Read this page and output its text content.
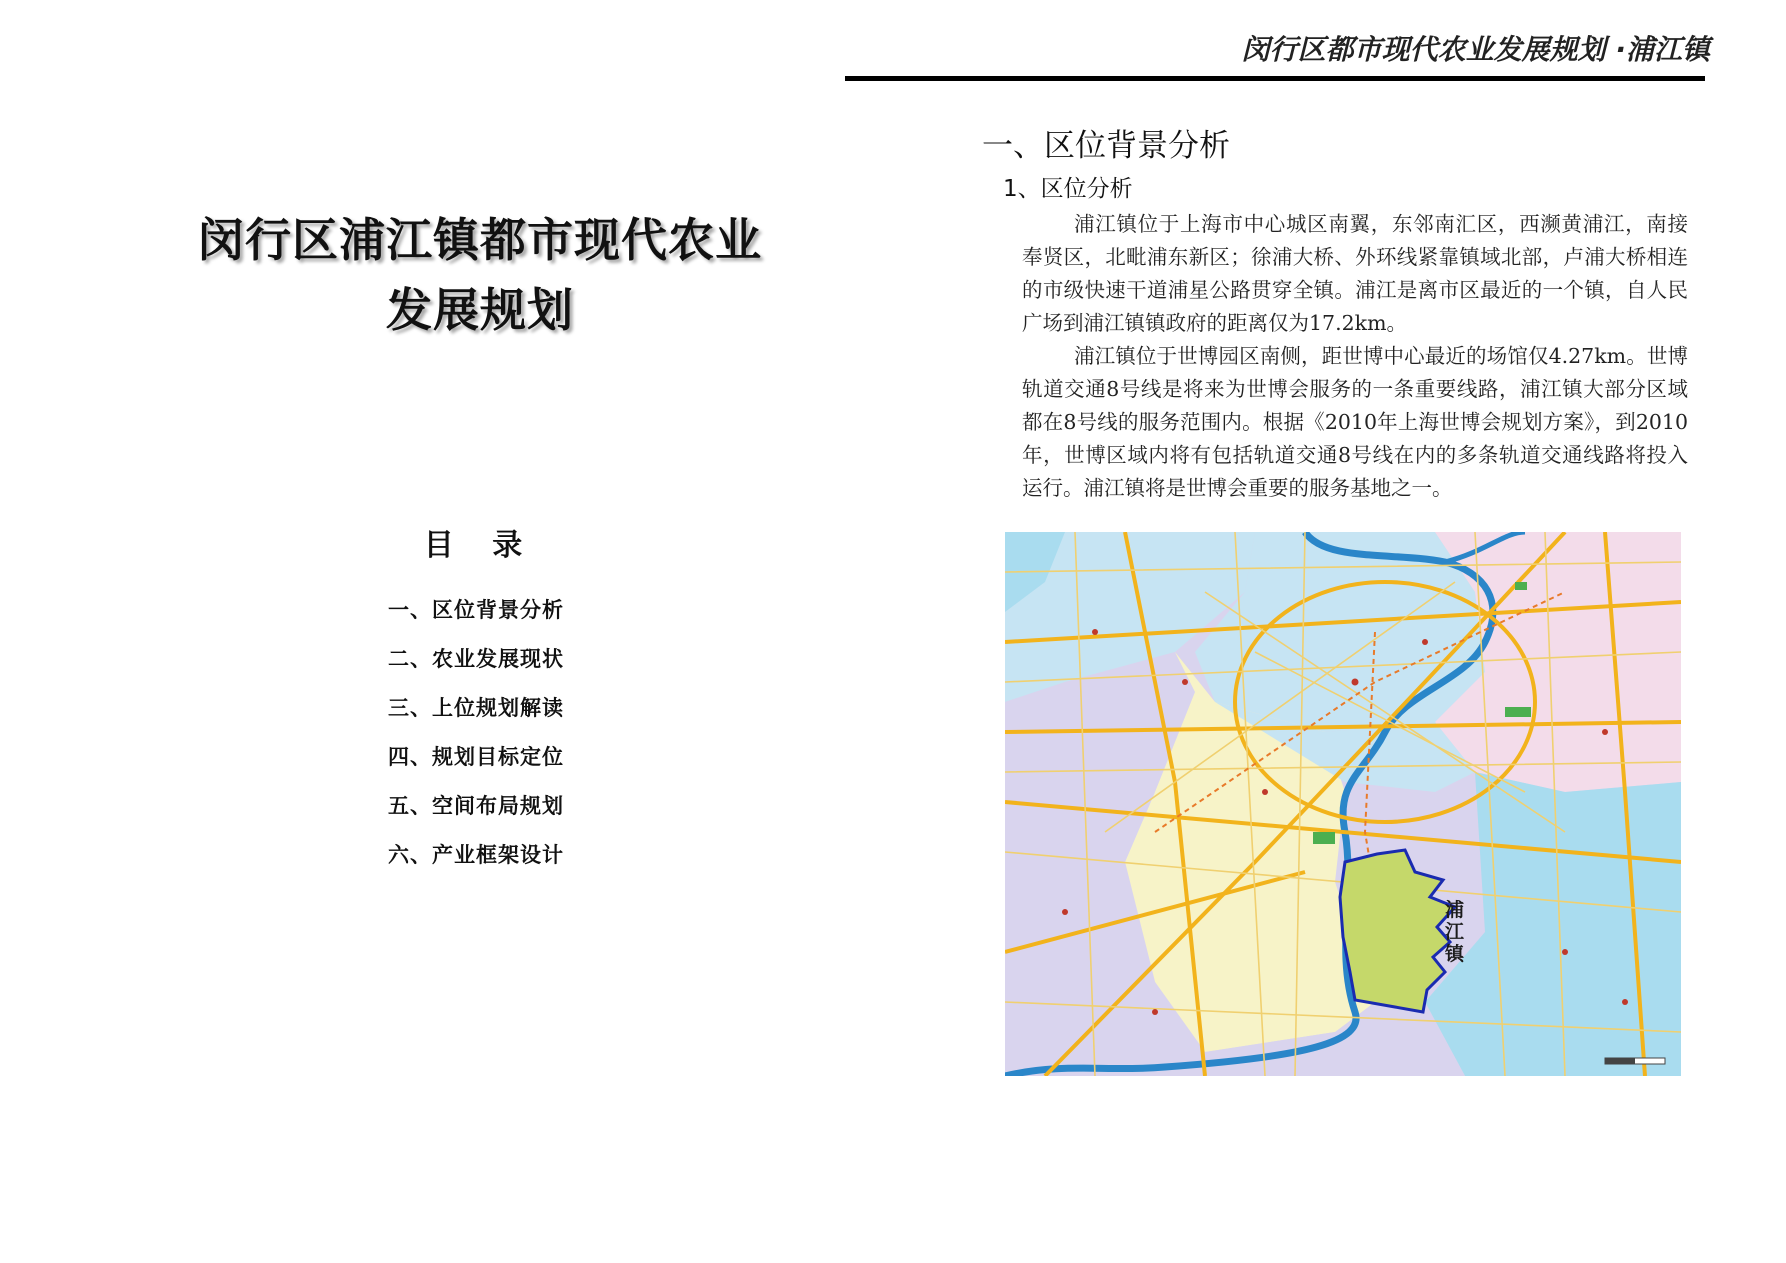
闵行区浦江镇都市现代农业
发展规划
目 录
一、区位背景分析
二、农业发展现状
三、上位规划解读
四、规划目标定位
五、空间布局规划
六、产业框架设计
闵行区都市现代农业发展规划 ·浦江镇
一、区位背景分析
1、区位分析

浦江镇位于上海市中心城区南翼，东邻南汇区，西濒黄浦江，南接奉贤区，北毗浦东新区；徐浦大桥、外环线紧靠镇域北部，卢浦大桥相连的市级快速干道浦星公路贯穿全镇。浦江是离市区最近的一个镇，自人民广场到浦江镇镇政府的距离仅为17.2km。

浦江镇位于世博园区南侧，距世博中心最近的场馆仅4.27km。世博轨道交通8号线是将来为世博会服务的一条重要线路，浦江镇大部分区域都在8号线的服务范围内。根据《2010年上海世博会规划方案》，到2010年，世博区域内将有包括轨道交通8号线在内的多条轨道交通线路将投入运行。浦江镇将是世博会重要的服务基地之一。

浦 江 镇
